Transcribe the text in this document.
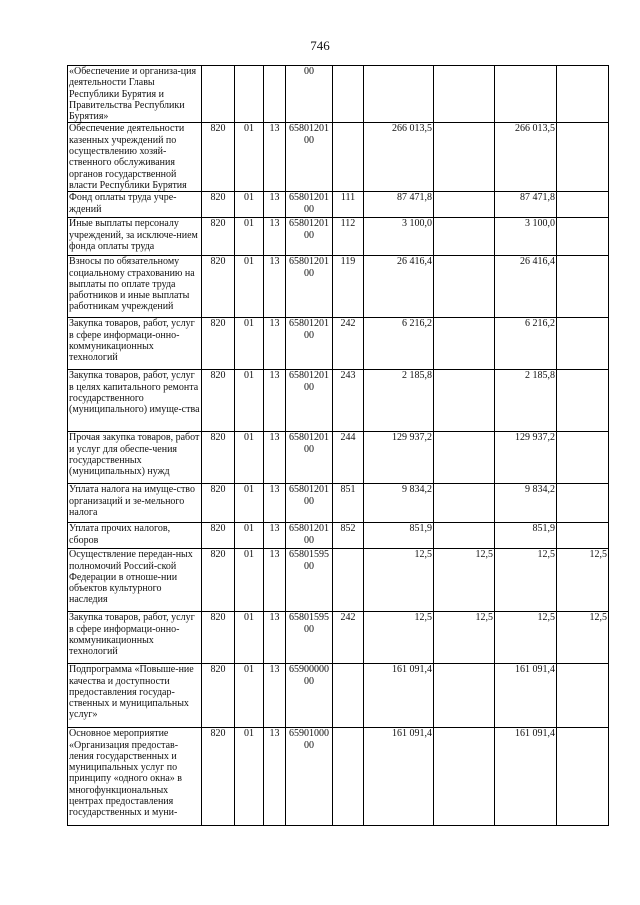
746
«Обеспечение и организа-ция деятельности Главы Республики Бурятия и Правительства Республики Бурятия»				00					
Обеспечение деятельности казенных учреждений по осуществлению хозяй-ственного обслуживания органов государственной власти Республики Бурятия	820	01	13	65801201 00		266 013,5		266 013,5	
Фонд оплаты труда учре-ждений	820	01	13	65801201 00	111	87 471,8		87 471,8	
Иные выплаты персоналу учреждений, за исключе-нием фонда оплаты труда	820	01	13	65801201 00	112	3 100,0		3 100,0	
Взносы по обязательному социальному страхованию на выплаты по оплате труда работников и иные выплаты работникам учреждений	820	01	13	65801201 00	119	26 416,4		26 416,4	
Закупка товаров, работ, услуг в сфере информаци-онно-коммуникационных технологий	820	01	13	65801201 00	242	6 216,2		6 216,2	
Закупка товаров, работ, услуг в целях капитального ремонта государственного (муниципального) имуще-ства	820	01	13	65801201 00	243	2 185,8		2 185,8	
Прочая закупка товаров, работ и услуг для обеспе-чения государственных (муниципальных) нужд	820	01	13	65801201 00	244	129 937,2		129 937,2	
Уплата налога на имуще-ство организаций и зе-мельного налога	820	01	13	65801201 00	851	9 834,2		9 834,2	
Уплата прочих налогов, сборов	820	01	13	65801201 00	852	851,9		851,9	
Осуществление передан-ных полномочий Россий-ской Федерации в отноше-нии объектов культурного наследия	820	01	13	65801595 00		12,5	12,5	12,5	12,5
Закупка товаров, работ, услуг в сфере информаци-онно-коммуникационных технологий	820	01	13	65801595 00	242	12,5	12,5	12,5	12,5
Подпрограмма «Повыше-ние качества и доступности предоставления государ-ственных и муниципальных услуг»	820	01	13	65900000 00		161 091,4		161 091,4	
Основное мероприятие «Организация предостав-ления государственных и муниципальных услуг по принципу «одного окна» в многофункциональных центрах предоставления государственных и муни-	820	01	13	65901000 00		161 091,4		161 091,4	
